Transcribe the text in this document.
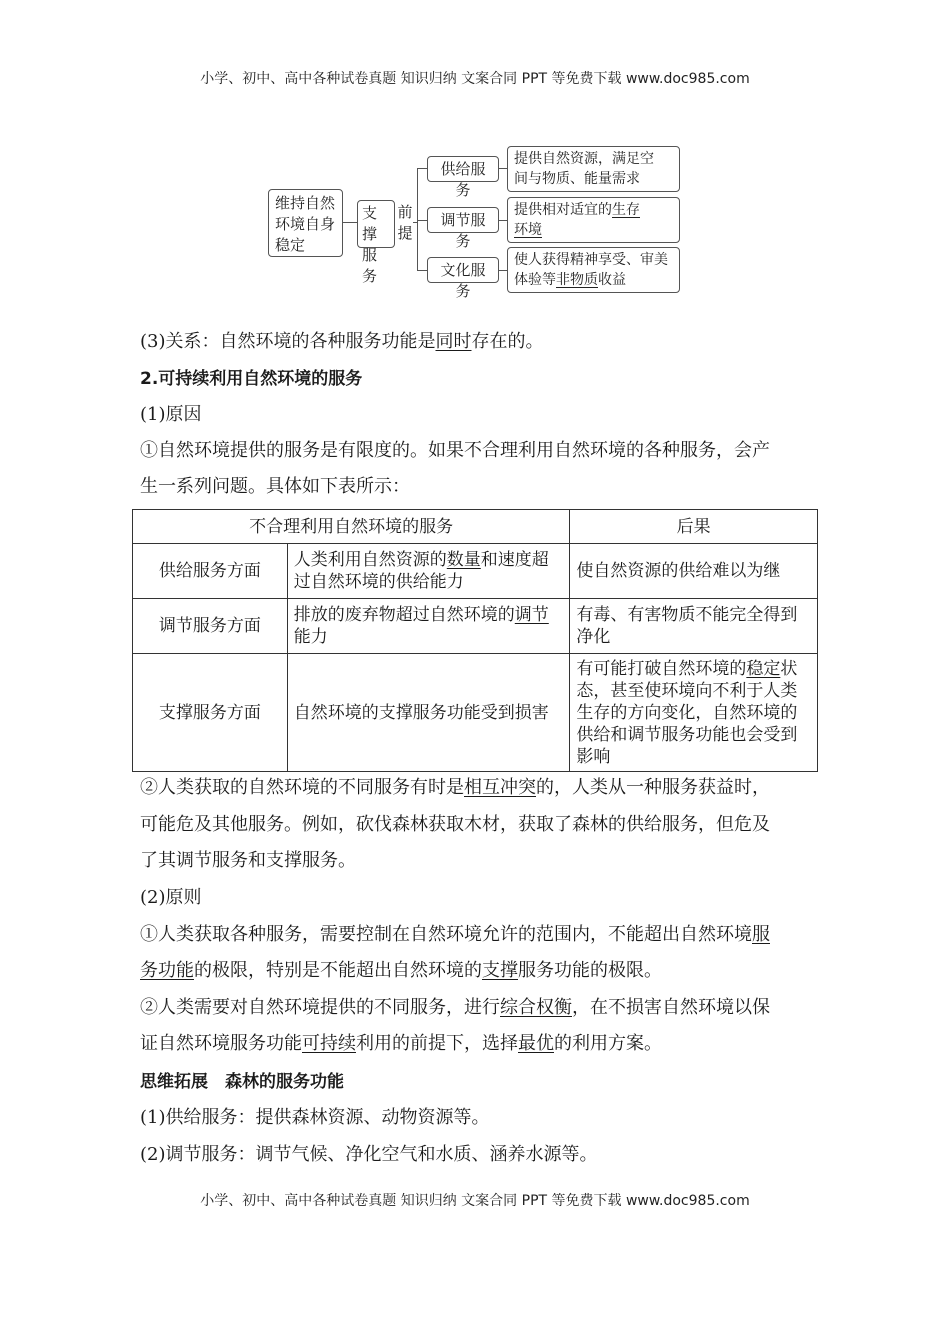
小学、初中、高中各种试卷真题 知识归纳 文案合同 PPT 等免费下载 www.doc985.com
维持自然环境自身稳定
支撑服务
前提
供给服务
调节服务
文化服务
提供自然资源，满足空
间与物质、能量需求
提供相对适宜的生存
环境
使人获得精神享受、审美
体验等非物质收益
(3)关系：自然环境的各种服务功能是同时存在的。
2.可持续利用自然环境的服务
(1)原因
①自然环境提供的服务是有限度的。如果不合理利用自然环境的各种服务，会产
生一系列问题。具体如下表所示：
不合理利用自然环境的服务		后果
供给服务方面	人类利用自然资源的数量和速度超过自然环境的供给能力	使自然资源的供给难以为继
调节服务方面	排放的废弃物超过自然环境的调节能力	有毒、有害物质不能完全得到净化
支撑服务方面	自然环境的支撑服务功能受到损害	有可能打破自然环境的稳定状态，甚至使环境向不利于人类生存的方向变化，自然环境的供给和调节服务功能也会受到影响
②人类获取的自然环境的不同服务有时是相互冲突的，人类从一种服务获益时，
可能危及其他服务。例如，砍伐森林获取木材，获取了森林的供给服务，但危及
了其调节服务和支撑服务。
(2)原则
①人类获取各种服务，需要控制在自然环境允许的范围内，不能超出自然环境服
务功能的极限，特别是不能超出自然环境的支撑服务功能的极限。
②人类需要对自然环境提供的不同服务，进行综合权衡，在不损害自然环境以保
证自然环境服务功能可持续利用的前提下，选择最优的利用方案。
思维拓展　森林的服务功能
(1)供给服务：提供森林资源、动物资源等。
(2)调节服务：调节气候、净化空气和水质、涵养水源等。
小学、初中、高中各种试卷真题 知识归纳 文案合同 PPT 等免费下载 www.doc985.com
